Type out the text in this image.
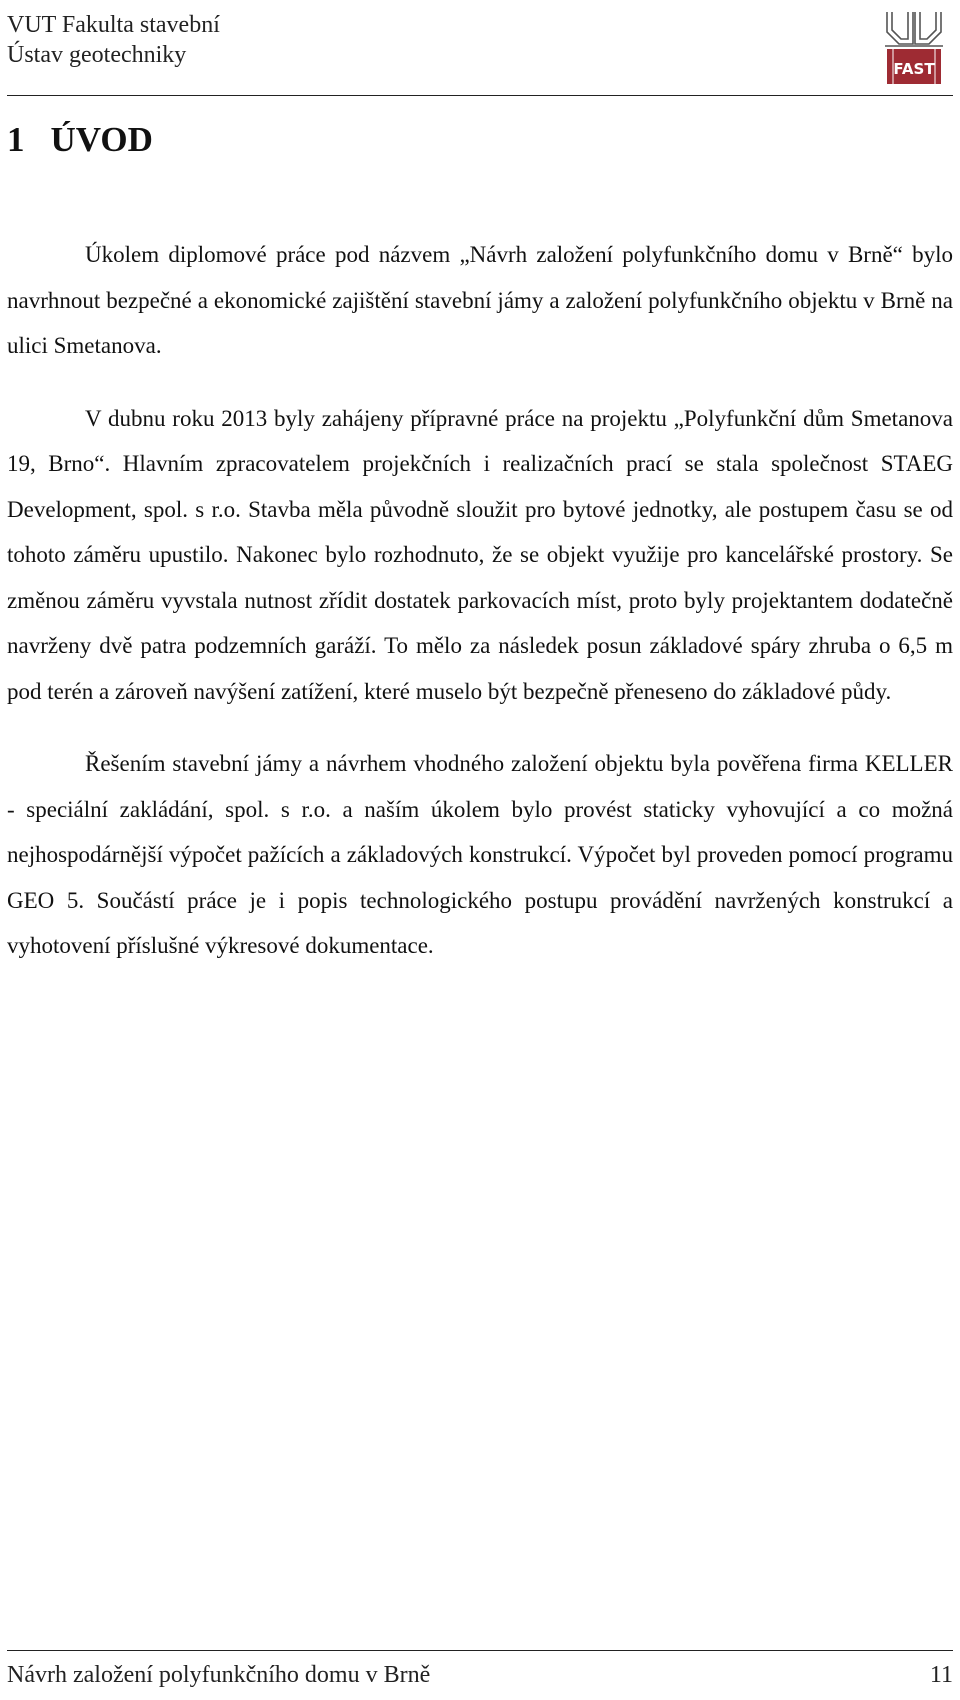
VUT Fakulta stavební
Ústav geotechniky
FAST
1 ÚVOD

Úkolem diplomové práce pod názvem „Návrh založení polyfunkčního domu v Brně“ bylo navrhnout bezpečné a ekonomické zajištění stavební jámy a založení polyfunkčního objektu v Brně na ulici Smetanova.

V dubnu roku 2013 byly zahájeny přípravné práce na projektu „Polyfunkční dům Smetanova 19, Brno“. Hlavním zpracovatelem projekčních i realizačních prací se stala společnost STAEG Development, spol. s r.o. Stavba měla původně sloužit pro bytové jednotky, ale postupem času se od tohoto záměru upustilo. Nakonec bylo rozhodnuto, že se objekt využije pro kancelářské prostory. Se změnou záměru vyvstala nutnost zřídit dostatek parkovacích míst, proto byly projektantem dodatečně navrženy dvě patra podzemních garáží. To mělo za následek posun základové spáry zhruba o 6,5 m pod terén a zároveň navýšení zatížení, které muselo být bezpečně přeneseno do základové půdy.

Řešením stavební jámy a návrhem vhodného založení objektu byla pověřena firma KELLER - speciální zakládání, spol. s r.o. a naším úkolem bylo provést staticky vyhovující a co možná nejhospodárnější výpočet pažících a základových konstrukcí. Výpočet byl proveden pomocí programu GEO 5. Součástí práce je i popis technologického postupu provádění navržených konstrukcí a vyhotovení příslušné výkresové dokumentace.

Návrh založení polyfunkčního domu v Brně	11
